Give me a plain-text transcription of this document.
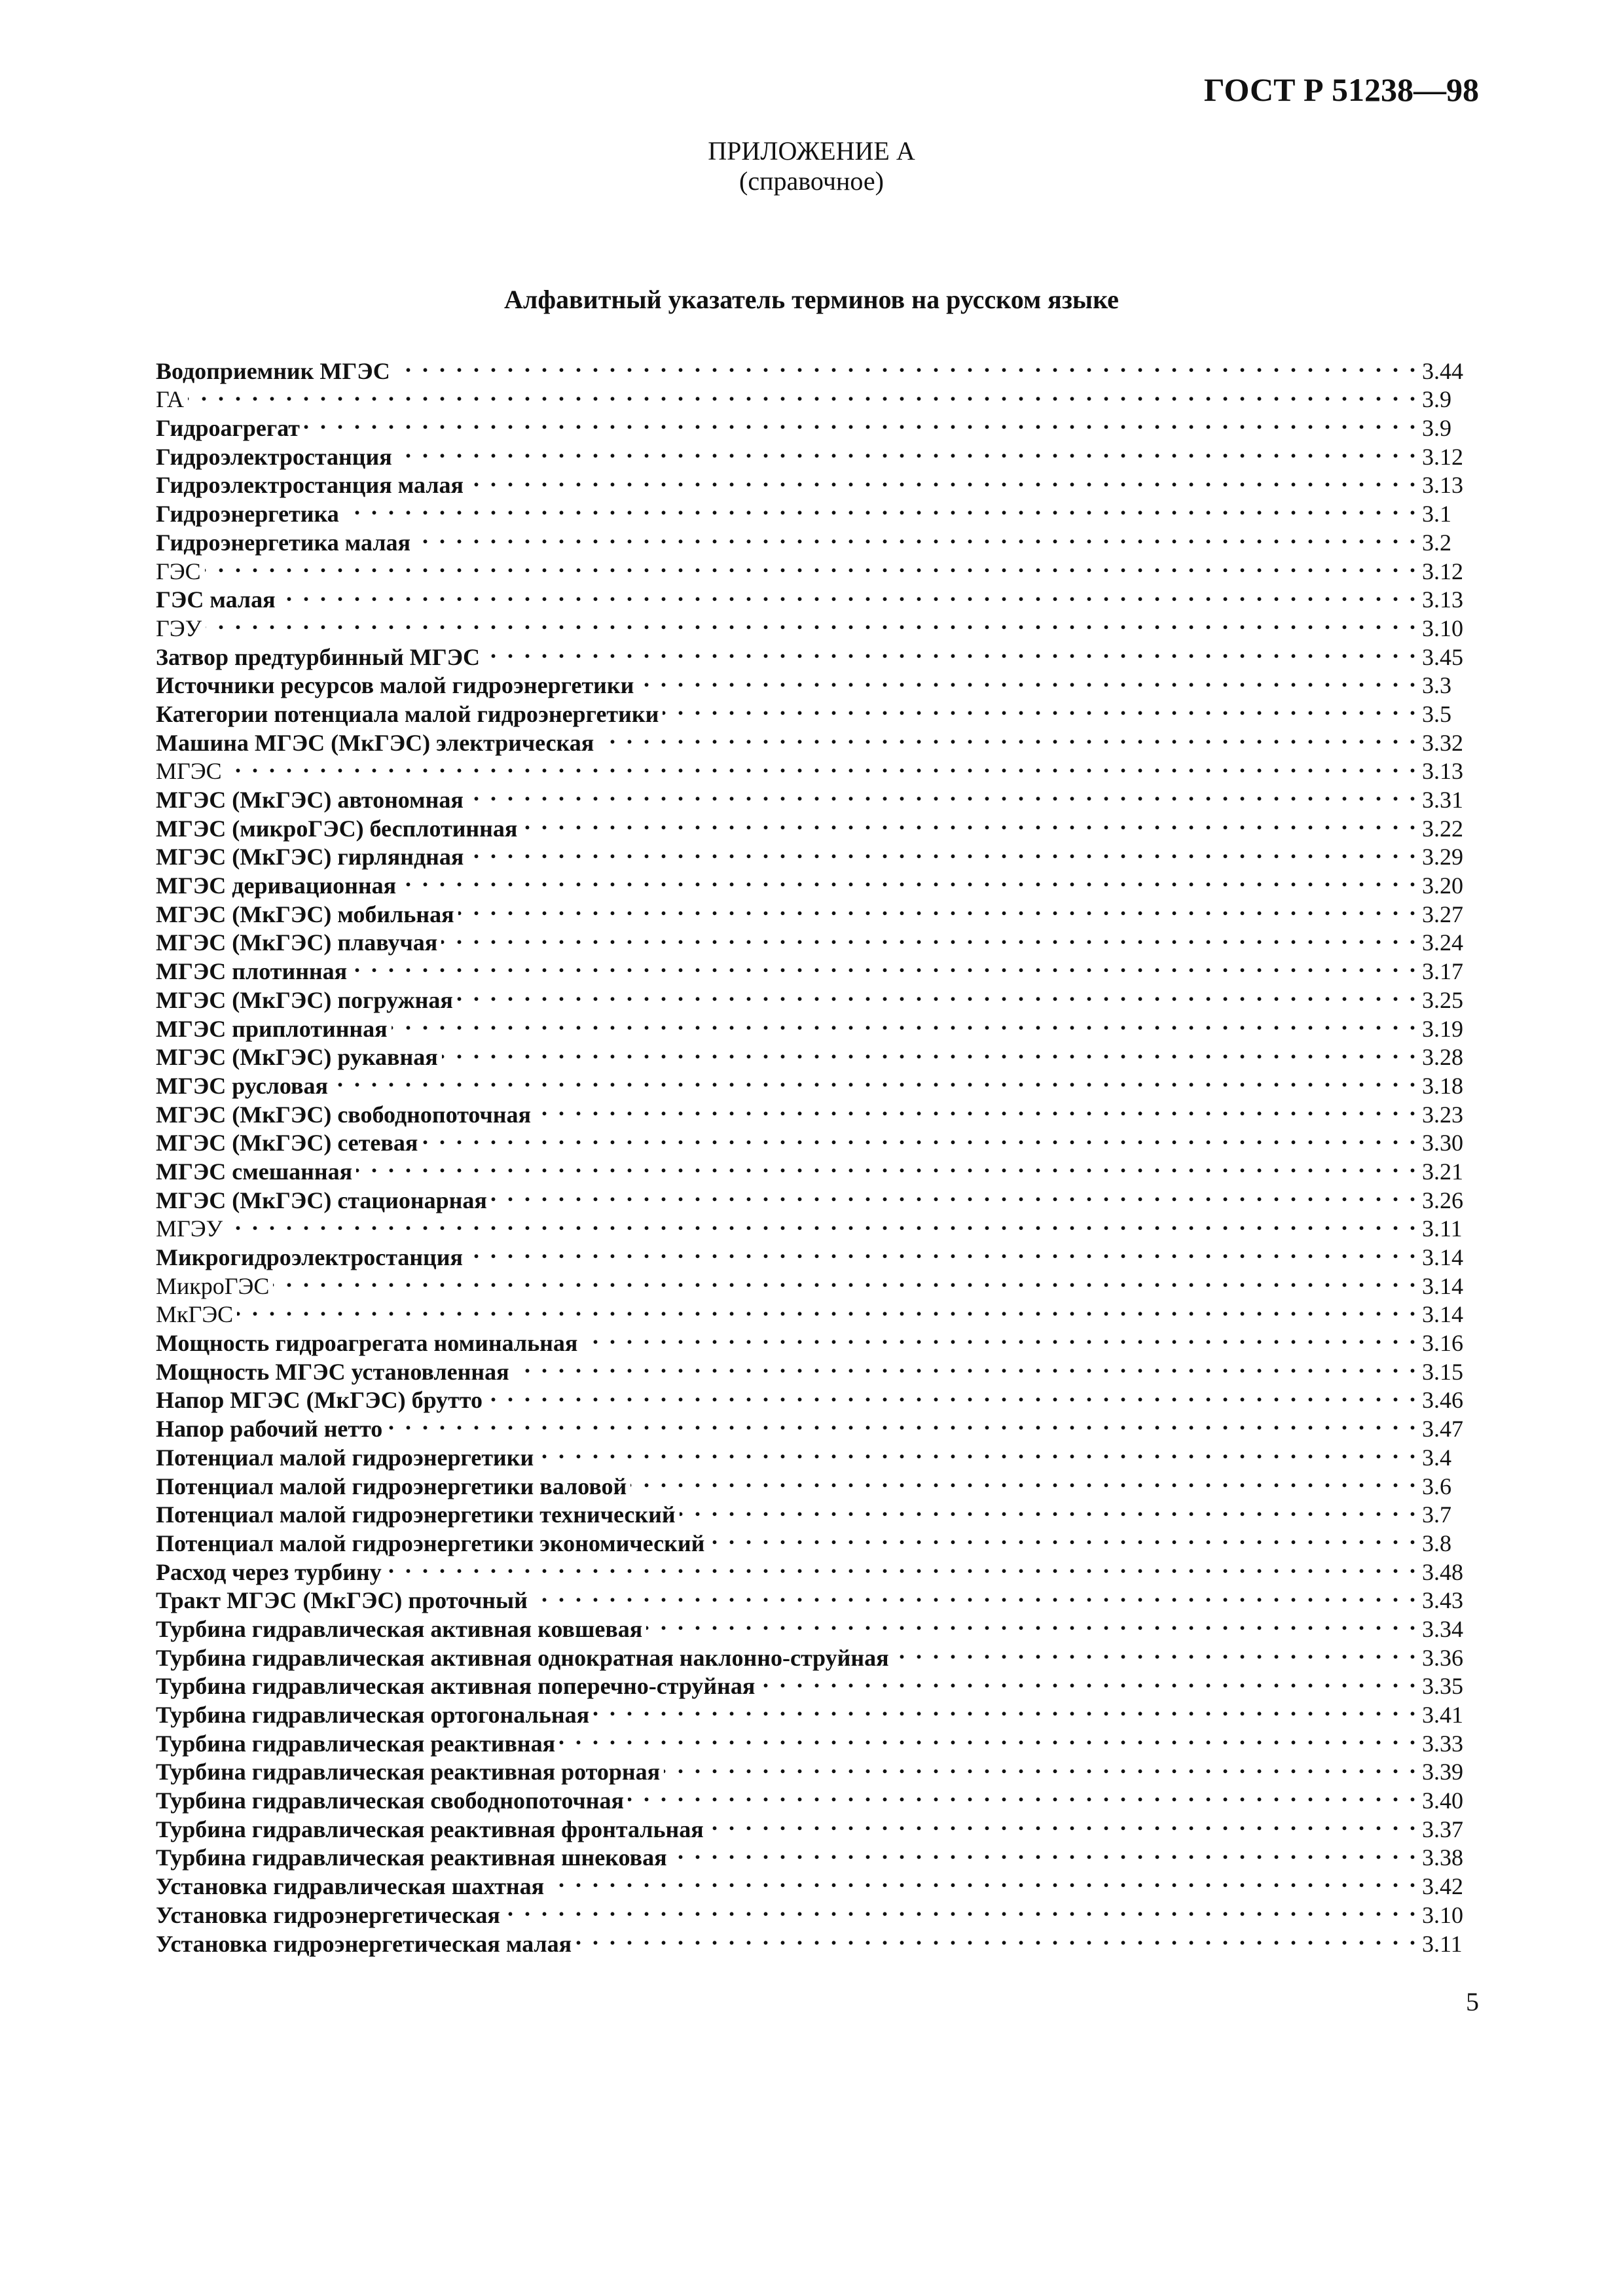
ГОСТ Р 51238—98
ПРИЛОЖЕНИЕ А
(справочное)
Алфавитный указатель терминов на русском языке
Водоприемник МГЭС . . .	3.44
ГА . . .	3.9
Гидроагрегат . . .	3.9
Гидроэлектростанция . . .	3.12
Гидроэлектростанция малая . . .	3.13
Гидроэнергетика . . .	3.1
Гидроэнергетика малая . . .	3.2
ГЭС . . .	3.12
ГЭС малая . . .	3.13
ГЭУ . . .	3.10
Затвор предтурбинный МГЭС . . .	3.45
Источники ресурсов малой гидроэнергетики . . .	3.3
Категории потенциала малой гидроэнергетики . . .	3.5
Машина МГЭС (МкГЭС) электрическая . . .	3.32
МГЭС . . .	3.13
МГЭС (МкГЭС) автономная . . .	3.31
МГЭС (микроГЭС) бесплотинная . . .	3.22
МГЭС (МкГЭС) гирляндная . . .	3.29
МГЭС деривационная . . .	3.20
МГЭС (МкГЭС) мобильная . . .	3.27
МГЭС (МкГЭС) плавучая . . .	3.24
МГЭС плотинная . . .	3.17
МГЭС (МкГЭС) погружная . . .	3.25
МГЭС приплотинная . . .	3.19
МГЭС (МкГЭС) рукавная . . .	3.28
МГЭС русловая . . .	3.18
МГЭС (МкГЭС) свободнопоточная . . .	3.23
МГЭС (МкГЭС) сетевая . . .	3.30
МГЭС смешанная . . .	3.21
МГЭС (МкГЭС) стационарная . . .	3.26
МГЭУ . . .	3.11
Микрогидроэлектростанция . . .	3.14
МикроГЭС . . .	3.14
МкГЭС . . .	3.14
Мощность гидроагрегата номинальная . . .	3.16
Мощность МГЭС установленная . . .	3.15
Напор МГЭС (МкГЭС) брутто . . .	3.46
Напор рабочий нетто . . .	3.47
Потенциал малой гидроэнергетики . . .	3.4
Потенциал малой гидроэнергетики валовой . . .	3.6
Потенциал малой гидроэнергетики технический . . .	3.7
Потенциал малой гидроэнергетики экономический . . .	3.8
Расход через турбину . . .	3.48
Тракт МГЭС (МкГЭС) проточный . . .	3.43
Турбина гидравлическая активная ковшевая . . .	3.34
Турбина гидравлическая активная однократная наклонно-струйная . . .	3.36
Турбина гидравлическая активная поперечно-струйная . . .	3.35
Турбина гидравлическая ортогональная . . .	3.41
Турбина гидравлическая реактивная . . .	3.33
Турбина гидравлическая реактивная роторная . . .	3.39
Турбина гидравлическая свободнопоточная . . .	3.40
Турбина гидравлическая реактивная фронтальная . . .	3.37
Турбина гидравлическая реактивная шнековая . . .	3.38
Установка гидравлическая шахтная . . .	3.42
Установка гидроэнергетическая . . .	3.10
Установка гидроэнергетическая малая . . .	3.11
5
